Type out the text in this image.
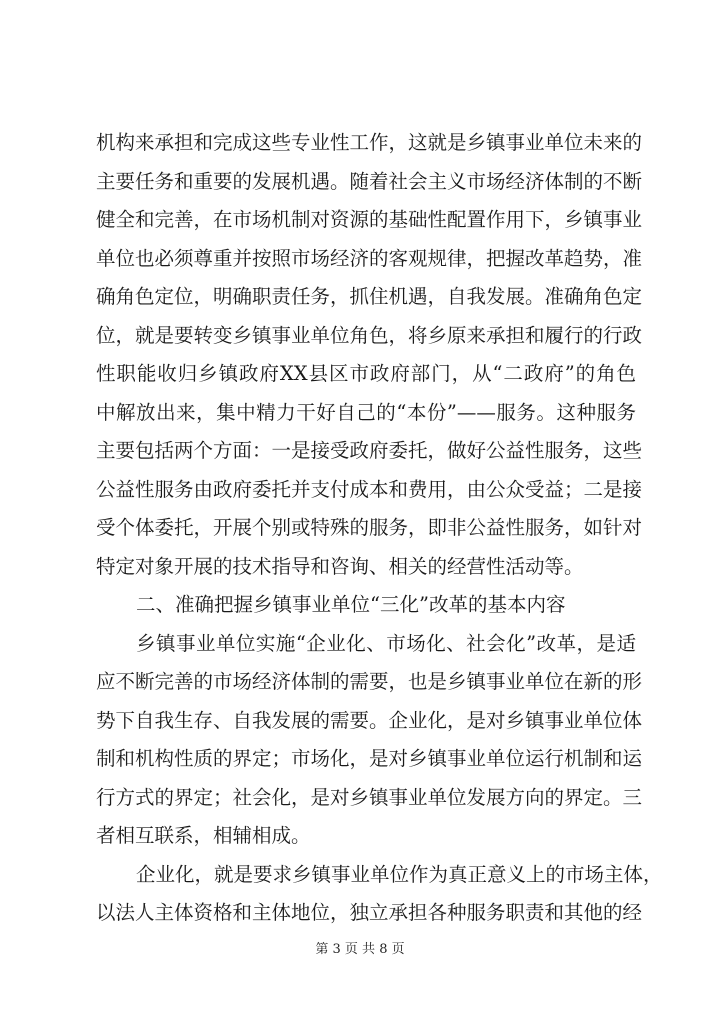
机构来承担和完成这些专业性工作，这就是乡镇事业单位未来的
主要任务和重要的发展机遇。随着社会主义市场经济体制的不断
健全和完善，在市场机制对资源的基础性配置作用下，乡镇事业
单位也必须尊重并按照市场经济的客观规律，把握改革趋势，准
确角色定位，明确职责任务，抓住机遇，自我发展。准确角色定
位，就是要转变乡镇事业单位角色，将乡原来承担和履行的行政
性职能收归乡镇政府XX县区市政府部门，从“二政府”的角色
中解放出来，集中精力干好自己的“本份”——服务。这种服务
主要包括两个方面：一是接受政府委托，做好公益性服务，这些
公益性服务由政府委托并支付成本和费用，由公众受益；二是接
受个体委托，开展个别或特殊的服务，即非公益性服务，如针对
特定对象开展的技术指导和咨询、相关的经营性活动等。
二、准确把握乡镇事业单位“三化”改革的基本内容
乡镇事业单位实施“企业化、市场化、社会化”改革，是适
应不断完善的市场经济体制的需要，也是乡镇事业单位在新的形
势下自我生存、自我发展的需要。企业化，是对乡镇事业单位体
制和机构性质的界定；市场化，是对乡镇事业单位运行机制和运
行方式的界定；社会化，是对乡镇事业单位发展方向的界定。三
者相互联系，相辅相成。
企业化，就是要求乡镇事业单位作为真正意义上的市场主体，
以法人主体资格和主体地位，独立承担各种服务职责和其他的经
第 3 页 共 8 页
